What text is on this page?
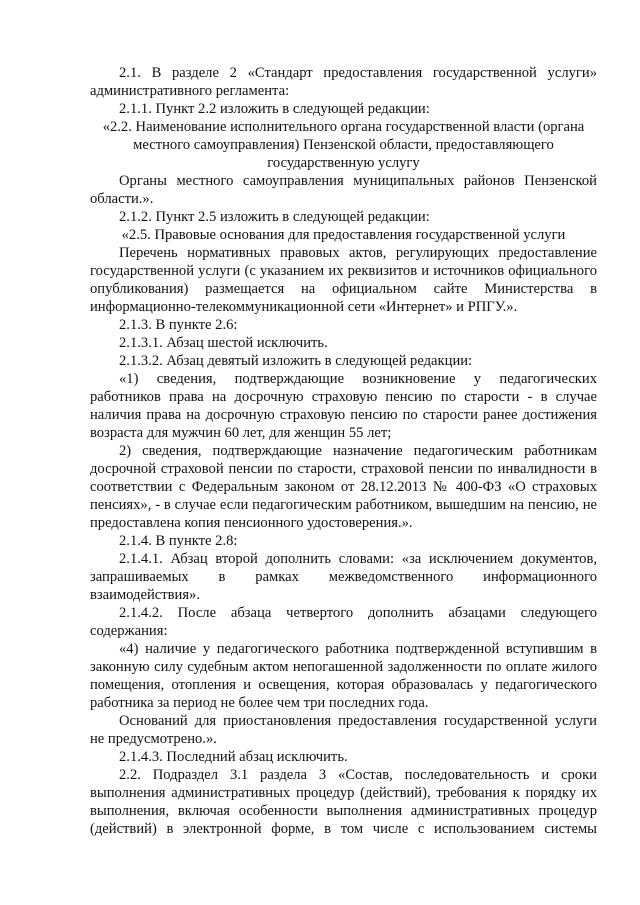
2.1. В разделе 2 «Стандарт предоставления государственной услуги» административного регламента:

2.1.1. Пункт 2.2 изложить в следующей редакции:

«2.2. Наименование исполнительного органа государственной власти (органа местного самоуправления) Пензенской области, предоставляющего государственную услугу

Органы местного самоуправления муниципальных районов Пензенской области.».

2.1.2. Пункт 2.5 изложить в следующей редакции:

«2.5. Правовые основания для предоставления государственной услуги

Перечень нормативных правовых актов, регулирующих предоставление государственной услуги (с указанием их реквизитов и источников официального опубликования) размещается на официальном сайте Министерства в информационно-телекоммуникационной сети «Интернет» и РПГУ.».

2.1.3. В пункте 2.6:

2.1.3.1. Абзац шестой исключить.

2.1.3.2. Абзац девятый изложить в следующей редакции:

«1) сведения, подтверждающие возникновение у педагогических работников права на досрочную страховую пенсию по старости - в случае наличия права на досрочную страховую пенсию по старости ранее достижения возраста для мужчин 60 лет, для женщин 55 лет;

2) сведения, подтверждающие назначение педагогическим работникам досрочной страховой пенсии по старости, страховой пенсии по инвалидности в соответствии с Федеральным законом от 28.12.2013 № 400-ФЗ «О страховых пенсиях», - в случае если педагогическим работником, вышедшим на пенсию, не предоставлена копия пенсионного удостоверения.».

2.1.4. В пункте 2.8:

2.1.4.1. Абзац второй дополнить словами: «за исключением документов, запрашиваемых в рамках межведомственного информационного взаимодействия».

2.1.4.2. После абзаца четвертого дополнить абзацами следующего содержания:

«4) наличие у педагогического работника подтвержденной вступившим в законную силу судебным актом непогашенной задолженности по оплате жилого помещения, отопления и освещения, которая образовалась у педагогического работника за период не более чем три последних года.

Оснований для приостановления предоставления государственной услуги не предусмотрено.».

2.1.4.3. Последний абзац исключить.

2.2. Подраздел 3.1 раздела 3 «Состав, последовательность и сроки выполнения административных процедур (действий), требования к порядку их выполнения, включая особенности выполнения административных процедур (действий) в электронной форме, в том числе с использованием системы
